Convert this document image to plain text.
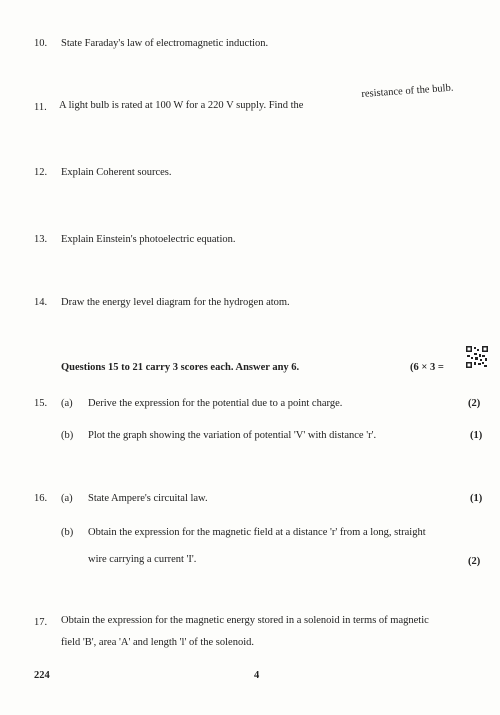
10. State Faraday's law of electromagnetic induction.
11. A light bulb is rated at 100 W for a 220 V supply. Find the
resistance of the bulb.
12. Explain Coherent sources.
13. Explain Einstein's photoelectric equation.
14. Draw the energy level diagram for the hydrogen atom.
Questions 15 to 21 carry 3 scores each. Answer any 6.	(6 × 3 =
15. (a) Derive the expression for the potential due to a point charge.	(2)
(b) Plot the graph showing the variation of potential 'V' with distance 'r'.	(1)
16. (a) State Ampere's circuital law.	(1)
(b) Obtain the expression for the magnetic field at a distance 'r' from a long, straight
wire carrying a current 'I'.	(2)
17. Obtain the expression for the magnetic energy stored in a solenoid in terms of magnetic
field 'B', area 'A' and length 'l' of the solenoid.
224	4
